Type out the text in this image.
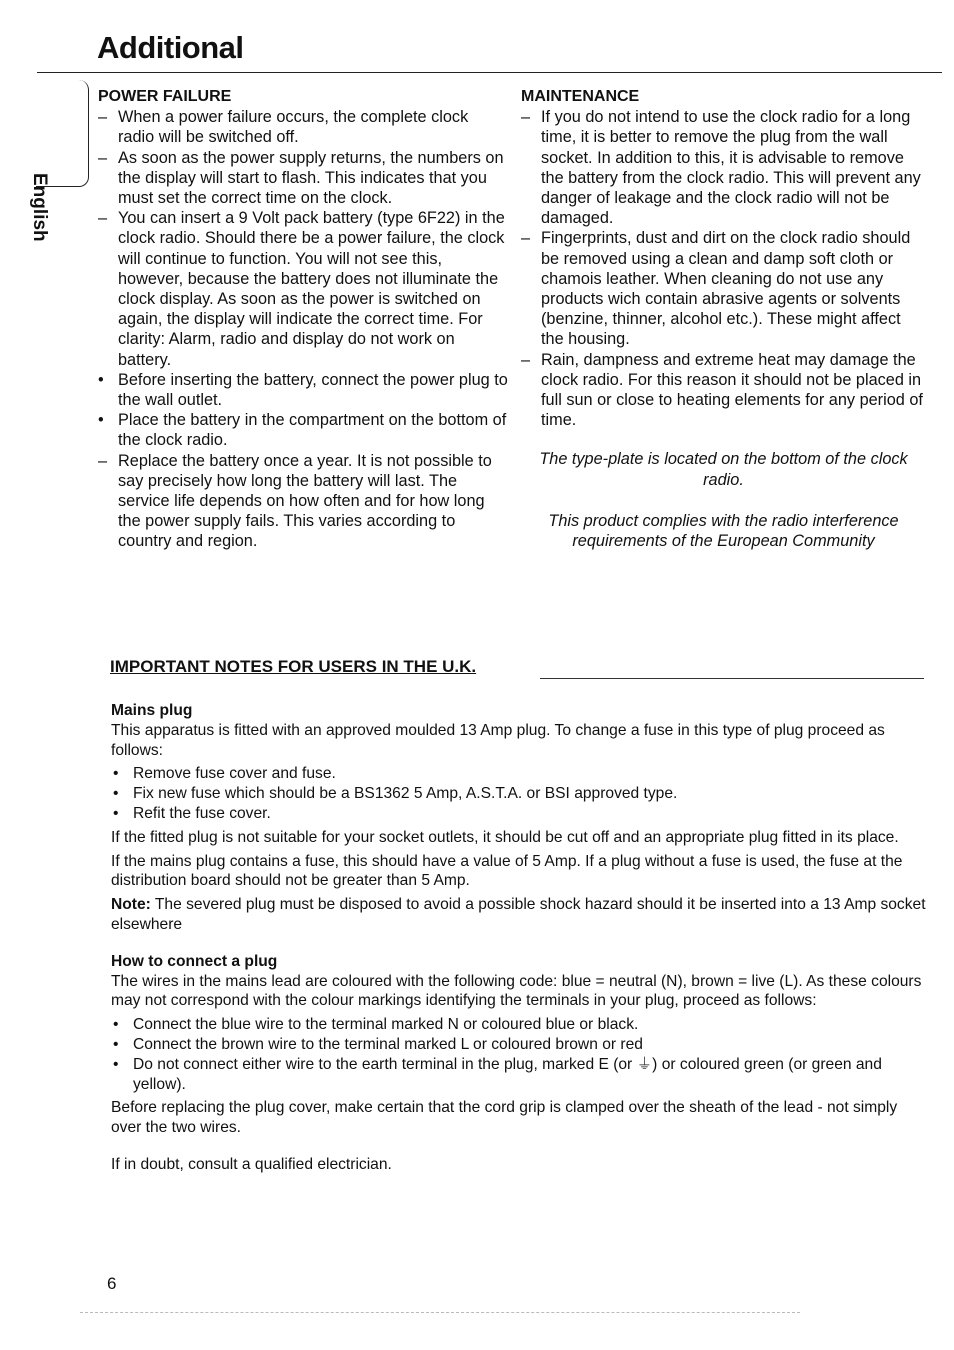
Additional
English
POWER FAILURE
– When a power failure occurs, the complete clock radio will be switched off.
– As soon as the power supply returns, the numbers on the display will start to flash. This indicates that you must set the correct time on the clock.
– You can insert a 9 Volt pack battery (type 6F22) in the clock radio. Should there be a power failure, the clock will continue to function. You will not see this, however, because the battery does not illuminate the clock display. As soon as the power is switched on again, the display will indicate the correct time. For clarity: Alarm, radio and display do not work on battery.
• Before inserting the battery, connect the power plug to the wall outlet.
• Place the battery in the compartment on the bottom of the clock radio.
– Replace the battery once a year. It is not possible to say precisely how long the battery will last. The service life depends on how often and for how long the power supply fails. This varies according to country and region.
MAINTENANCE
– If you do not intend to use the clock radio for a long time, it is better to remove the plug from the wall socket. In addition to this, it is advisable to remove the battery from the clock radio. This will prevent any danger of leakage and the clock radio will not be damaged.
– Fingerprints, dust and dirt on the clock radio should be removed using a clean and damp soft cloth or chamois leather. When cleaning do not use any products wich contain abrasive agents or solvents (benzine, thinner, alcohol etc.). These might affect the housing.
– Rain, dampness and extreme heat may damage the clock radio. For this reason it should not be placed in full sun or close to heating elements for any period of time.

The type-plate is located on the bottom of the clock radio.

This product complies with the radio interference requirements of the European Community

IMPORTANT NOTES FOR USERS IN THE U.K.

Mains plug

This apparatus is fitted with an approved moulded 13 Amp plug. To change a fuse in this type of plug proceed as follows:

• Remove fuse cover and fuse.
• Fix new fuse which should be a BS1362 5 Amp, A.S.T.A. or BSI approved type.
• Refit the fuse cover.

If the fitted plug is not suitable for your socket outlets, it should be cut off and an appropriate plug fitted in its place.

If the mains plug contains a fuse, this should have a value of 5 Amp. If a plug without a fuse is used, the fuse at the distribution board should not be greater than 5 Amp.

Note: The severed plug must be disposed to avoid a possible shock hazard should it be inserted into a 13 Amp socket elsewhere

How to connect a plug

The wires in the mains lead are coloured with the following code: blue = neutral (N), brown = live (L). As these colours may not correspond with the colour markings identifying the terminals in your plug, proceed as follows:

• Connect the blue wire to the terminal marked N or coloured blue or black.
• Connect the brown wire to the terminal marked L or coloured brown or red
• Do not connect either wire to the earth terminal in the plug, marked E (or ⏚) or coloured green (or green and yellow).

Before replacing the plug cover, make certain that the cord grip is clamped over the sheath of the lead - not simply over the two wires.

If in doubt, consult a qualified electrician.

6
